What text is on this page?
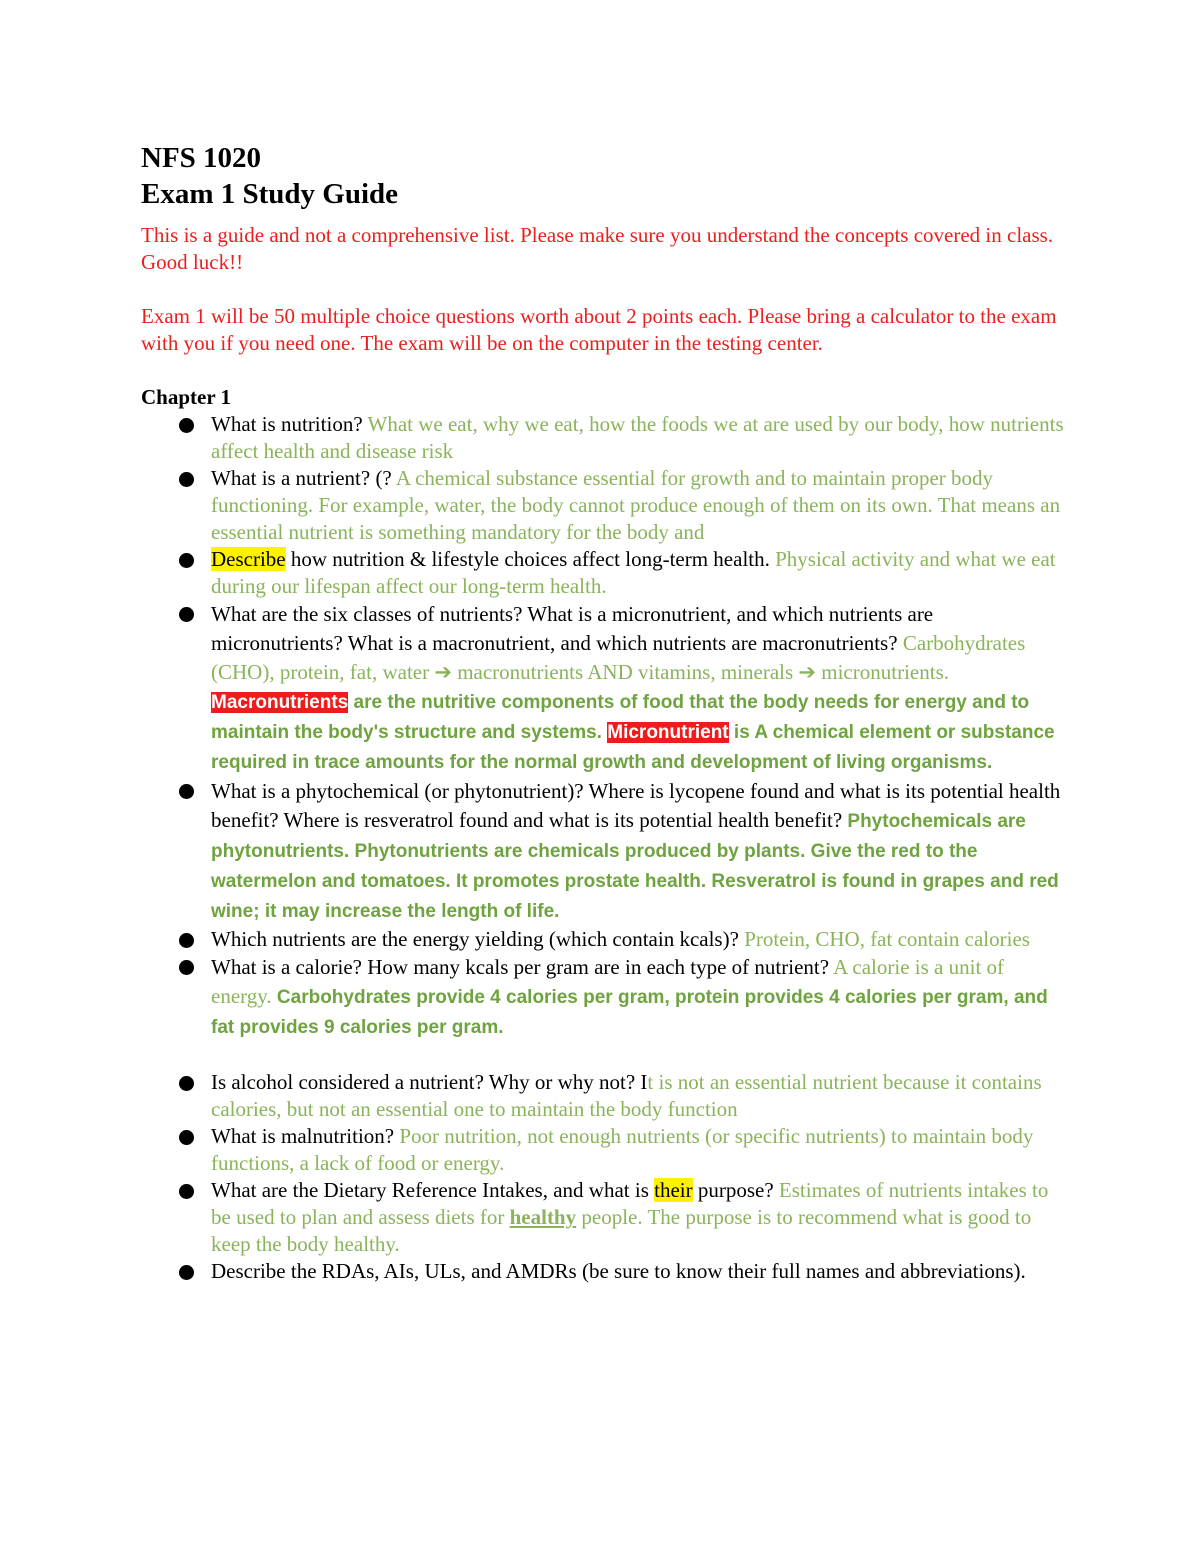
NFS 1020
Exam 1 Study Guide

This is a guide and not a comprehensive list. Please make sure you understand the concepts covered in class. Good luck!!

Exam 1 will be 50 multiple choice questions worth about 2 points each. Please bring a calculator to the exam with you if you need one. The exam will be on the computer in the testing center.

Chapter 1

What is nutrition? What we eat, why we eat, how the foods we at are used by our body, how nutrients affect health and disease risk
What is a nutrient? (? A chemical substance essential for growth and to maintain proper body functioning. For example, water, the body cannot produce enough of them on its own. That means an essential nutrient is something mandatory for the body and
Describe how nutrition & lifestyle choices affect long-term health. Physical activity and what we eat during our lifespan affect our long-term health.
What are the six classes of nutrients? What is a micronutrient, and which nutrients are micronutrients? What is a macronutrient, and which nutrients are macronutrients? Carbohydrates (CHO), protein, fat, water ➔ macronutrients AND vitamins, minerals ➔ micronutrients. Macronutrients are the nutritive components of food that the body needs for energy and to maintain the body's structure and systems. Micronutrient is A chemical element or substance required in trace amounts for the normal growth and development of living organisms.
What is a phytochemical (or phytonutrient)? Where is lycopene found and what is its potential health benefit? Where is resveratrol found and what is its potential health benefit? Phytochemicals are phytonutrients. Phytonutrients are chemicals produced by plants. Give the red to the watermelon and tomatoes. It promotes prostate health. Resveratrol is found in grapes and red wine; it may increase the length of life.
Which nutrients are the energy yielding (which contain kcals)? Protein, CHO, fat contain calories
What is a calorie? How many kcals per gram are in each type of nutrient? A calorie is a unit of energy. Carbohydrates provide 4 calories per gram, protein provides 4 calories per gram, and fat provides 9 calories per gram.
Is alcohol considered a nutrient? Why or why not? It is not an essential nutrient because it contains calories, but not an essential one to maintain the body function
What is malnutrition? Poor nutrition, not enough nutrients (or specific nutrients) to maintain body functions, a lack of food or energy.
What are the Dietary Reference Intakes, and what is their purpose? Estimates of nutrients intakes to be used to plan and assess diets for healthy people. The purpose is to recommend what is good to keep the body healthy.
Describe the RDAs, AIs, ULs, and AMDRs (be sure to know their full names and abbreviations).
